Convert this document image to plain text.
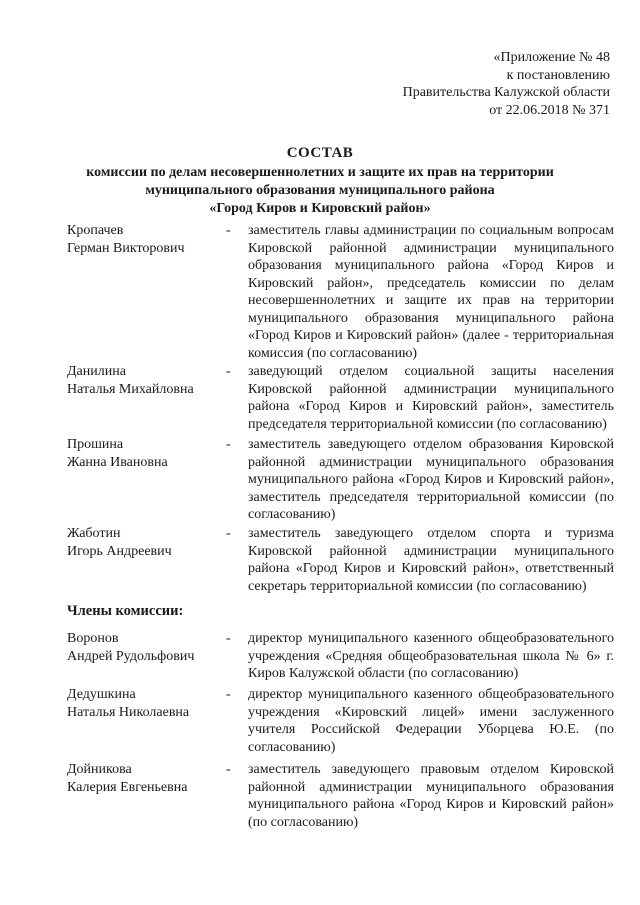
«Приложение № 48
к постановлению
Правительства Калужской области
от 22.06.2018 № 371
СОСТАВ
комиссии по делам несовершеннолетних и защите их прав на территории
муниципального образования муниципального района
«Город Киров и Кировский район»
Кропачев
Герман Викторович
- заместитель главы администрации по социальным вопросам Кировской районной администрации муниципального образования муниципального района «Город Киров и Кировский район», председатель комиссии по делам несовершеннолетних и защите их прав на территории муниципального образования муниципального района «Город Киров и Кировский район» (далее - территориальная комиссия (по согласованию)
Данилина
Наталья Михайловна
- заведующий отделом социальной защиты населения Кировской районной администрации муниципального района «Город Киров и Кировский район», заместитель председателя территориальной комиссии (по согласованию)
Прошина
Жанна Ивановна
- заместитель заведующего отделом образования Кировской районной администрации муниципального образования муниципального района «Город Киров и Кировский район», заместитель председателя территориальной комиссии (по согласованию)
Жаботин
Игорь Андреевич
- заместитель заведующего отделом спорта и туризма Кировской районной администрации муниципального района «Город Киров и Кировский район», ответственный секретарь территориальной комиссии (по согласованию)
Члены комиссии:
Воронов
Андрей Рудольфович
- директор муниципального казенного общеобразовательного учреждения «Средняя общеобразовательная школа № 6» г. Киров Калужской области (по согласованию)
Дедушкина
Наталья Николаевна
- директор муниципального казенного общеобразовательного учреждения «Кировский лицей» имени заслуженного учителя Российской Федерации Уборцева Ю.Е. (по согласованию)
Дойникова
Калерия Евгеньевна
- заместитель заведующего правовым отделом Кировской районной администрации муниципального образования муниципального района «Город Киров и Кировский район» (по согласованию)
